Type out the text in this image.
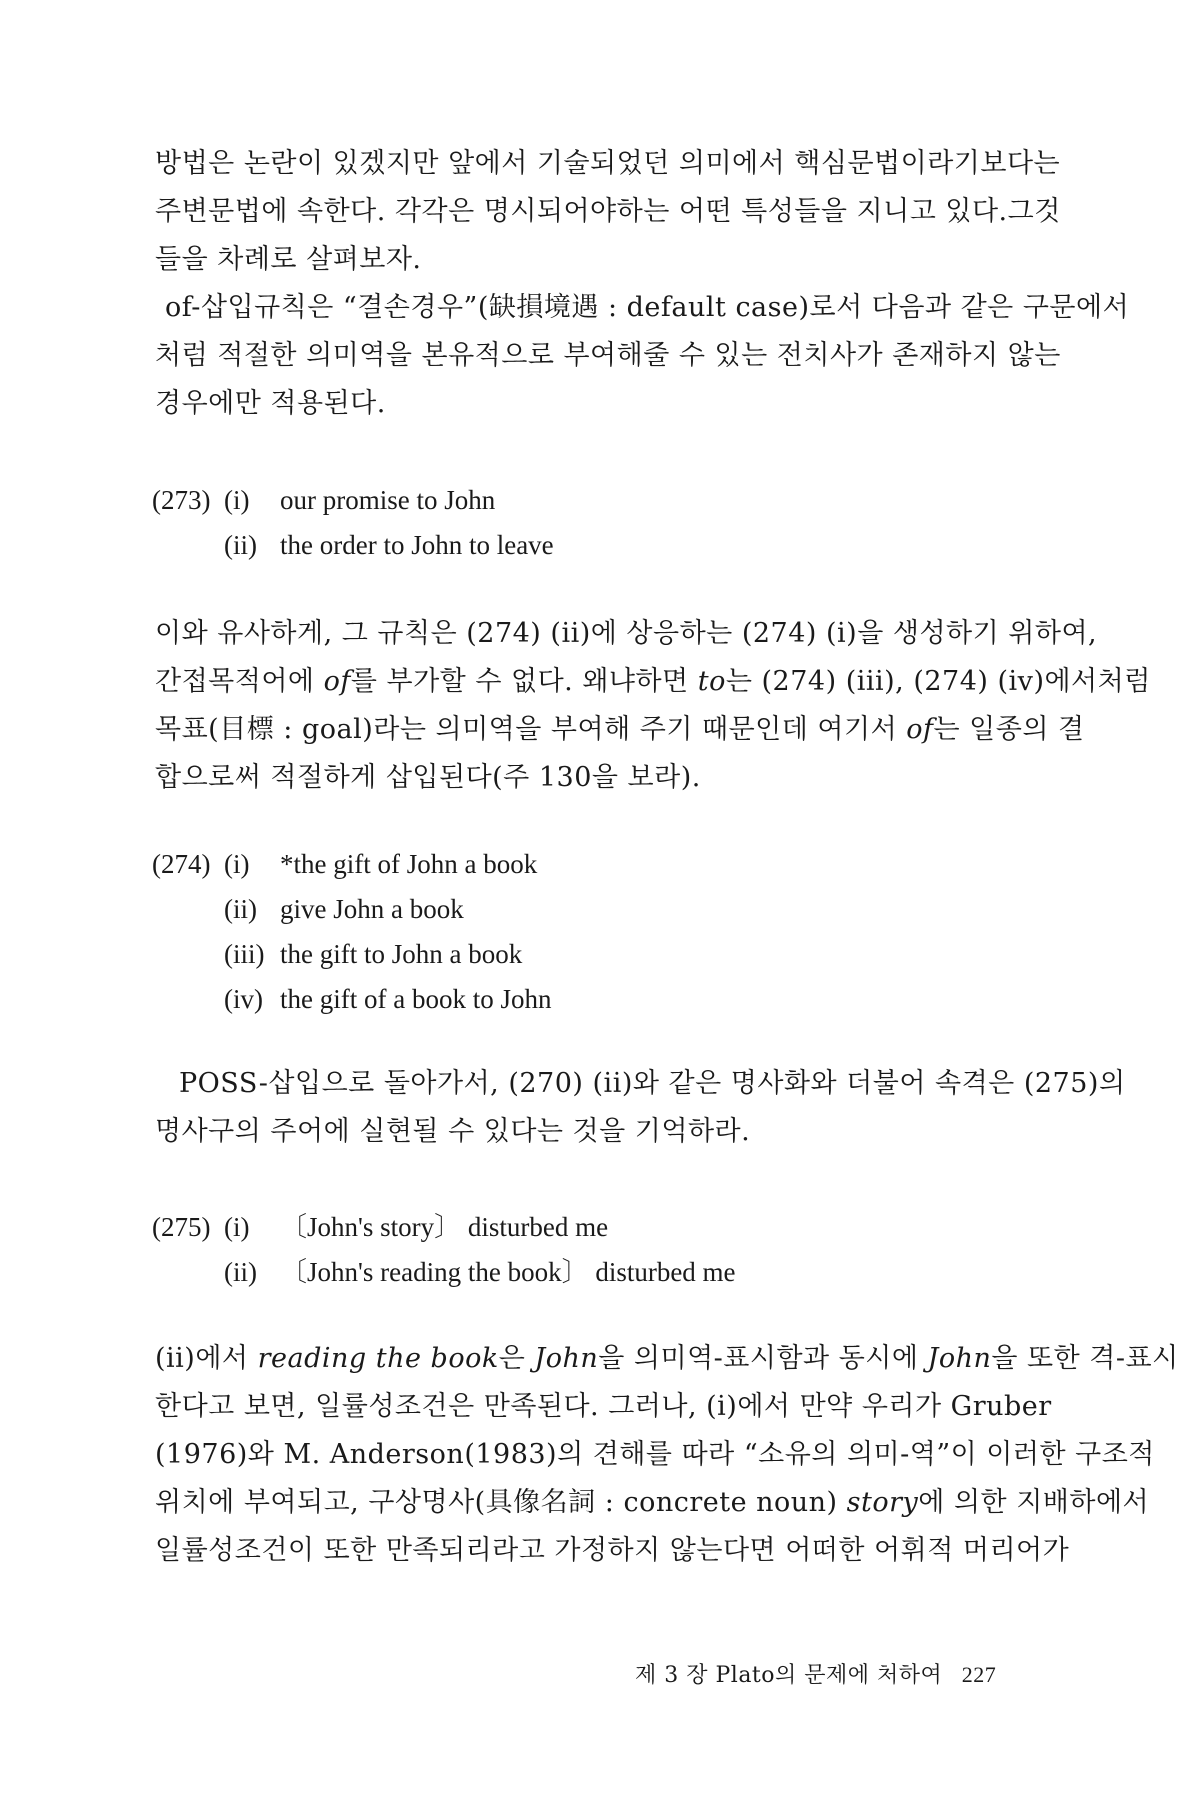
방법은 논란이 있겠지만 앞에서 기술되었던 의미에서 핵심문법이라기보다는
주변문법에 속한다. 각각은 명시되어야하는 어떤 특성들을 지니고 있다.그것
들을 차례로 살펴보자.
of-삽입규칙은 “결손경우”(缺損境遇 : default case)로서 다음과 같은 구문에서
처럼 적절한 의미역을 본유적으로 부여해줄 수 있는 전치사가 존재하지 않는
경우에만 적용된다.
(273) (i)	our promise to John
(ii) the order to John to leave
이와 유사하게, 그 규칙은 (274) (ii)에 상응하는 (274) (i)을 생성하기 위하여,
간접목적어에 of를 부가할 수 없다. 왜냐하면 to는 (274) (iii), (274) (iv)에서처럼
목표(目標 : goal)라는 의미역을 부여해 주기 때문인데 여기서 of는 일종의 결
합으로써 적절하게 삽입된다(주 130을 보라).
(274) (i)	*the gift of John a book
(ii) give John a book
(iii) the gift to John a book
(iv) the gift of a book to John
POSS-삽입으로 돌아가서, (270) (ii)와 같은 명사화와 더불어 속격은 (275)의
명사구의 주어에 실현될 수 있다는 것을 기억하라.
(275) (i)	〔John's story〕 disturbed me
(ii) 〔John's reading the book〕 disturbed me
(ii)에서 reading the book은 John을 의미역-표시함과 동시에 John을 또한 격-표시
한다고 보면, 일률성조건은 만족된다. 그러나, (i)에서 만약 우리가 Gruber
(1976)와 M. Anderson(1983)의 견해를 따라 “소유의 의미-역”이 이러한 구조적
위치에 부여되고, 구상명사(具像名詞 : concrete noun) story에 의한 지배하에서
일률성조건이 또한 만족되리라고 가정하지 않는다면 어떠한 어휘적 머리어가
제 3 장 Plato의 문제에 처하여 227
